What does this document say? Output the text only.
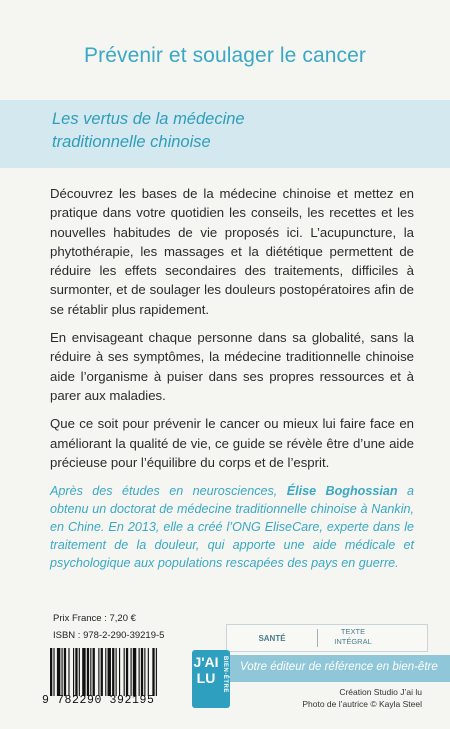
Prévenir et soulager le cancer
Les vertus de la médecine
traditionnelle chinoise

Découvrez les bases de la médecine chinoise et mettez en pratique dans votre quotidien les conseils, les recettes et les nouvelles habitudes de vie proposés ici. L’acupuncture, la phytothérapie, les massages et la diététique permettent de réduire les effets secondaires des traitements, difficiles à surmonter, et de soulager les douleurs postopératoires afin de se rétablir plus rapidement.

En envisageant chaque personne dans sa globalité, sans la réduire à ses symptômes, la médecine traditionnelle chinoise aide l’organisme à puiser dans ses propres ressources et à parer aux maladies.

Que ce soit pour prévenir le cancer ou mieux lui faire face en améliorant la qualité de vie, ce guide se révèle être d’une aide précieuse pour l’équilibre du corps et de l’esprit.

Après des études en neurosciences, Élise Boghossian a obtenu un doctorat de médecine traditionnelle chinoise à Nankin, en Chine. En 2013, elle a créé l’ONG EliseCare, experte dans le traitement de la douleur, qui apporte une aide médicale et psychologique aux populations rescapées des pays en guerre.
Prix France : 7,20 €
ISBN : 978-2-290-39219-5
9 782290 392195
SANTÉ
TEXTE
INTÉGRAL
Votre éditeur de référence en bien-être
J'AI
LU	BIEN-ÊTRE	Création Studio J’ai lu
Photo de l’autrice © Kayla Steel
